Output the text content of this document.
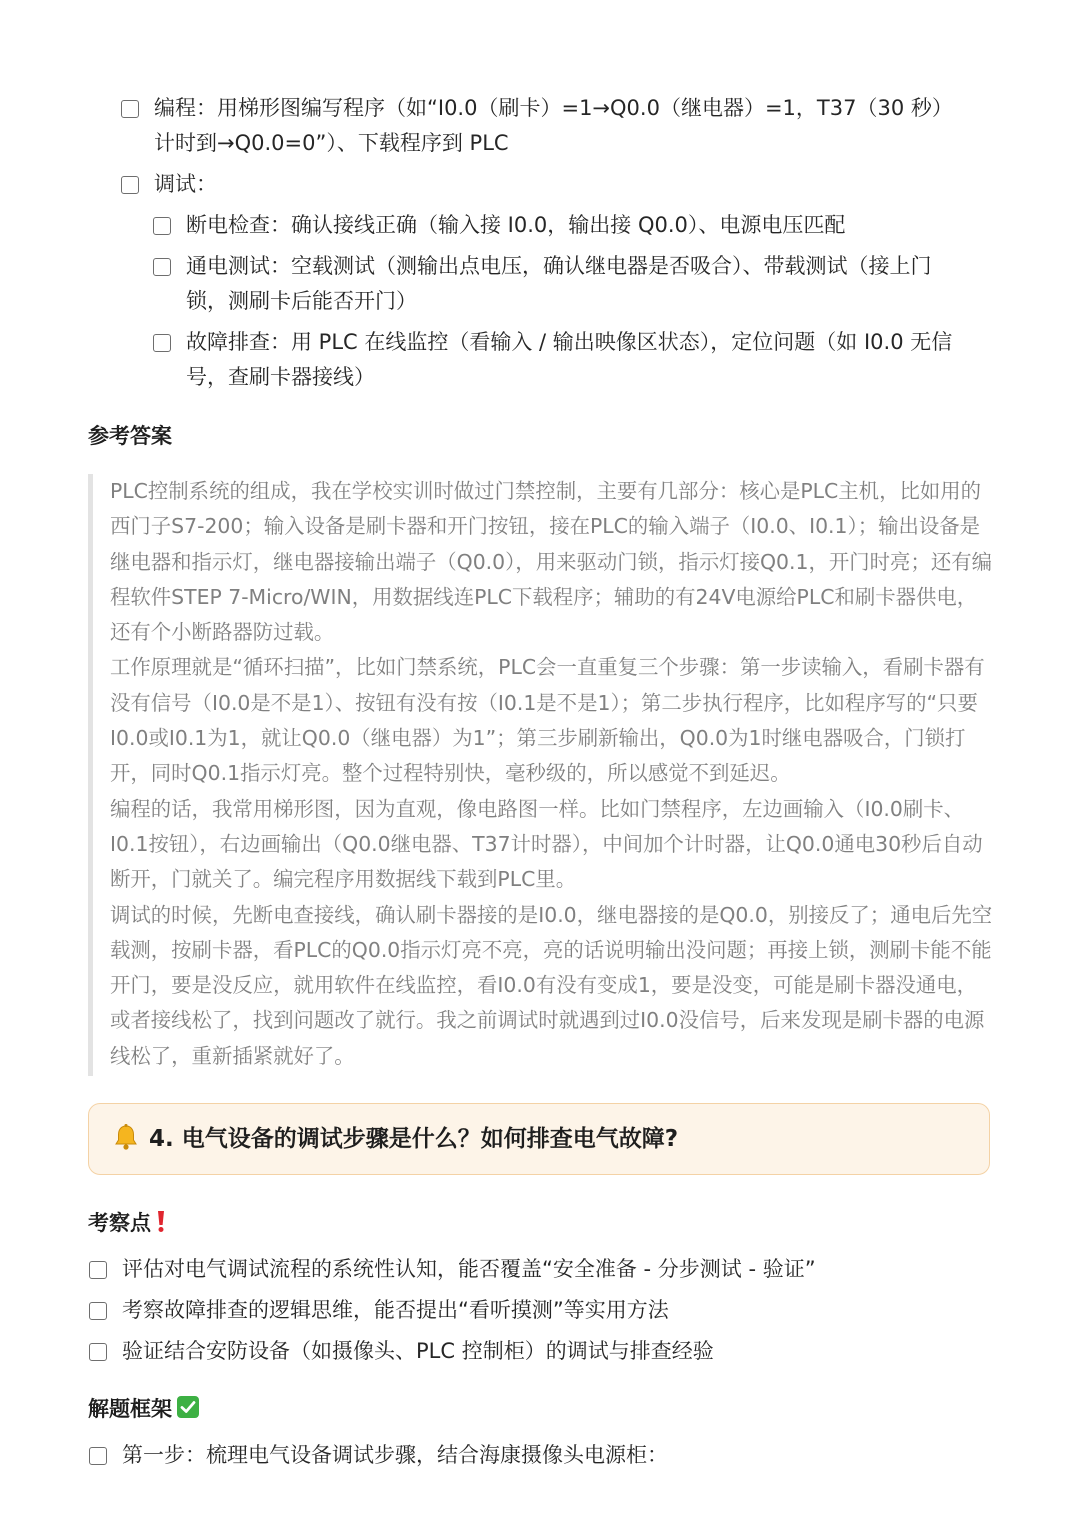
编程：用梯形图编写程序（如“I0.0（刷卡）=1→Q0.0（继电器）=1，T37（30 秒）计时到→Q0.0=0”）、下载程序到 PLC
调试：
断电检查：确认接线正确（输入接 I0.0，输出接 Q0.0）、电源电压匹配
通电测试：空载测试（测输出点电压，确认继电器是否吸合）、带载测试（接上门锁，测刷卡后能否开门）
故障排查：用 PLC 在线监控（看输入 / 输出映像区状态），定位问题（如 I0.0 无信号，查刷卡器接线）
参考答案

PLC控制系统的组成，我在学校实训时做过门禁控制，主要有几部分：核心是PLC主机，比如用的西门子S7-200；输入设备是刷卡器和开门按钮，接在PLC的输入端子（I0.0、I0.1）；输出设备是继电器和指示灯，继电器接输出端子（Q0.0），用来驱动门锁，指示灯接Q0.1，开门时亮；还有编程软件STEP 7-Micro/WIN，用数据线连PLC下载程序；辅助的有24V电源给PLC和刷卡器供电，还有个小断路器防过载。

工作原理就是“循环扫描”，比如门禁系统，PLC会一直重复三个步骤：第一步读输入，看刷卡器有没有信号（I0.0是不是1）、按钮有没有按（I0.1是不是1）；第二步执行程序，比如程序写的“只要I0.0或I0.1为1，就让Q0.0（继电器）为1”；第三步刷新输出，Q0.0为1时继电器吸合，门锁打开，同时Q0.1指示灯亮。整个过程特别快，毫秒级的，所以感觉不到延迟。

编程的话，我常用梯形图，因为直观，像电路图一样。比如门禁程序，左边画输入（I0.0刷卡、I0.1按钮），右边画输出（Q0.0继电器、T37计时器），中间加个计时器，让Q0.0通电30秒后自动断开，门就关了。编完程序用数据线下载到PLC里。

调试的时候，先断电查接线，确认刷卡器接的是I0.0，继电器接的是Q0.0，别接反了；通电后先空载测，按刷卡器，看PLC的Q0.0指示灯亮不亮，亮的话说明输出没问题；再接上锁，测刷卡能不能开门，要是没反应，就用软件在线监控，看I0.0有没有变成1，要是没变，可能是刷卡器没通电，或者接线松了，找到问题改了就行。我之前调试时就遇到过I0.0没信号，后来发现是刷卡器的电源线松了，重新插紧就好了。

4. 电气设备的调试步骤是什么？如何排查电气故障?
考察点
评估对电气调试流程的系统性认知，能否覆盖“安全准备 - 分步测试 - 验证”
考察故障排查的逻辑思维，能否提出“看听摸测”等实用方法
验证结合安防设备（如摄像头、PLC 控制柜）的调试与排查经验
解题框架
第一步：梳理电气设备调试步骤，结合海康摄像头电源柜：
